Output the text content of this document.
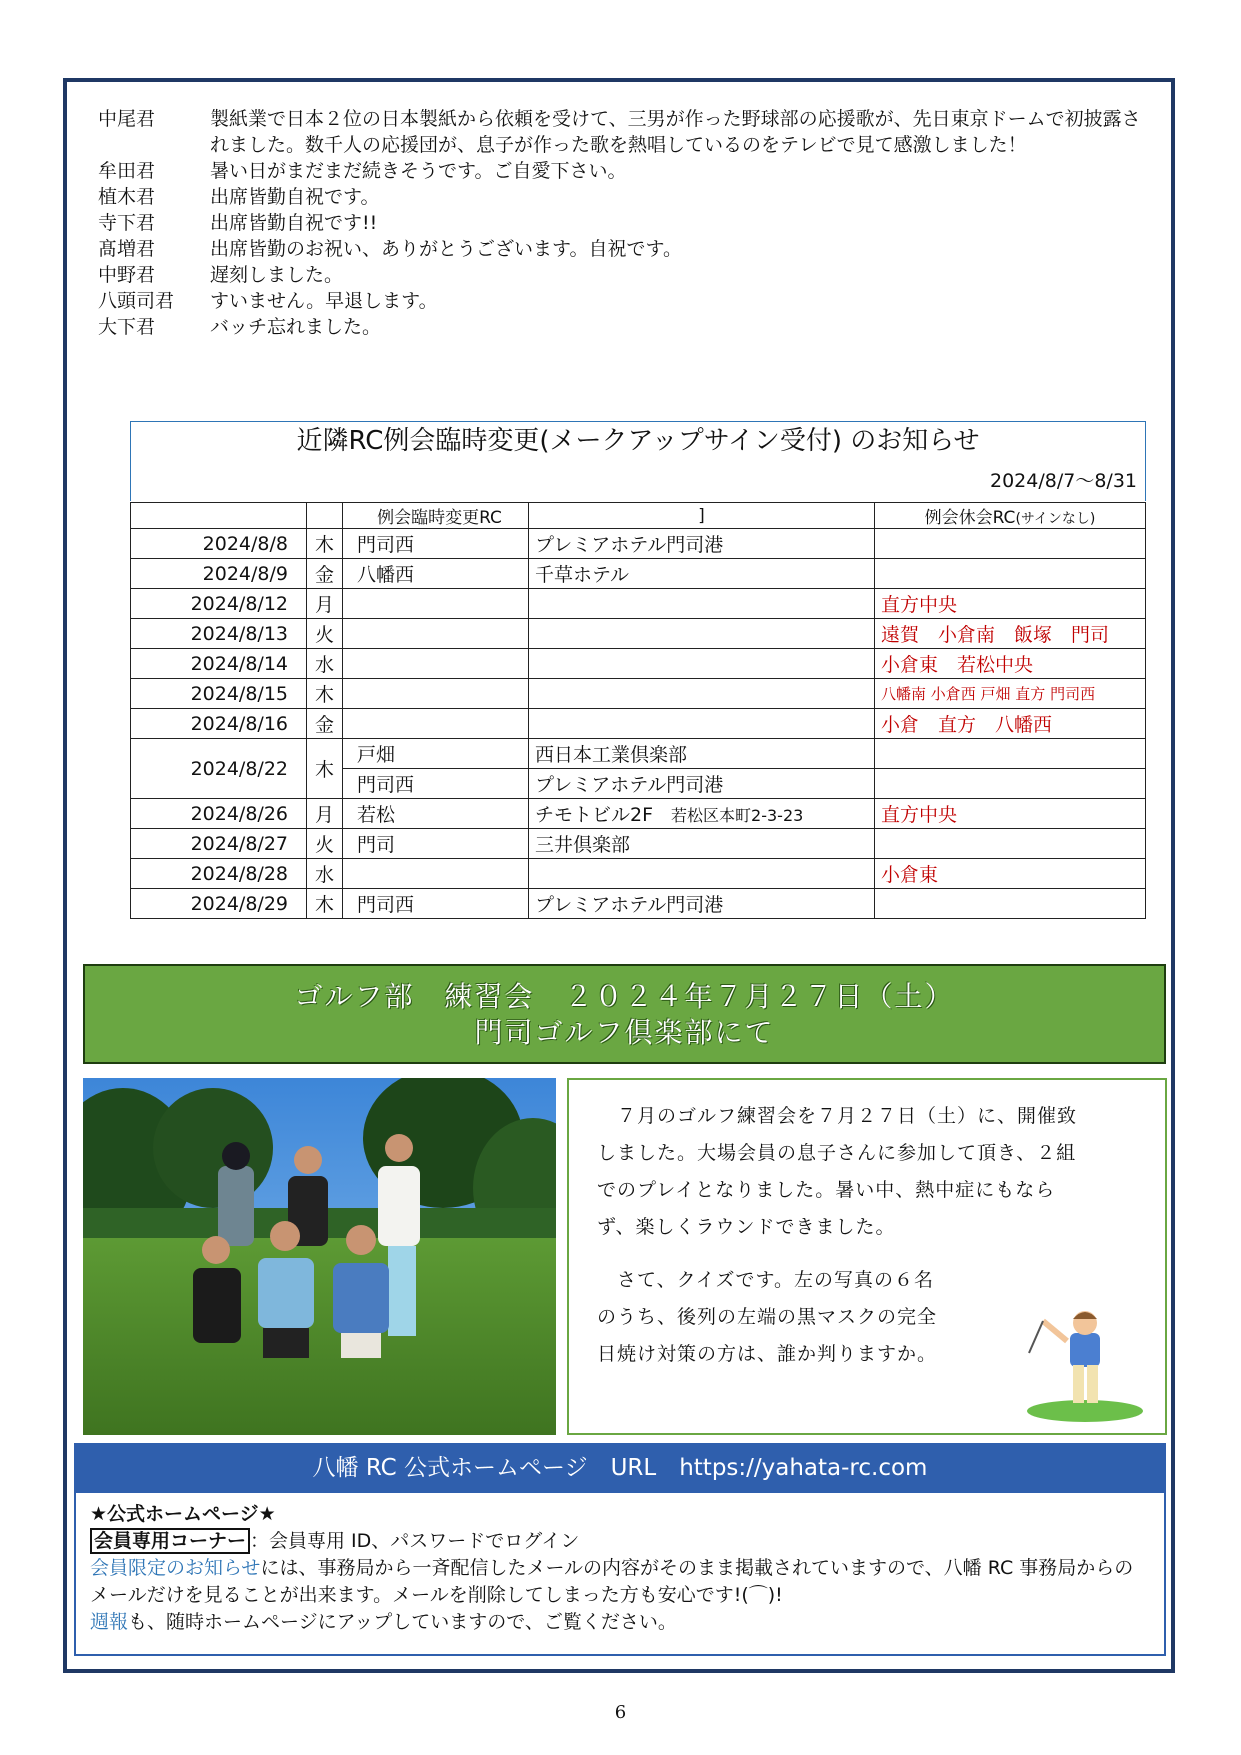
中尾君	製紙業で日本２位の日本製紙から依頼を受けて、三男が作った野球部の応援歌が、先日東京ドームで初披露されました。数千人の応援団が、息子が作った歌を熱唱しているのをテレビで見て感激しました！
牟田君	暑い日がまだまだ続きそうです。ご自愛下さい。
植木君	出席皆勤自祝です。
寺下君	出席皆勤自祝です!!
髙増君	出席皆勤のお祝い、ありがとうございます。自祝です。
中野君	遅刻しました。
八頭司君	すいません。早退します。
大下君	バッチ忘れました。
近隣RC例会臨時変更(メークアップサイン受付) のお知らせ
2024/8/7〜8/31
		例会臨時変更RC	]	例会休会RC(サインなし)
2024/8/8	木	門司西	プレミアホテル門司港	
2024/8/9	金	八幡西	千草ホテル	
2024/8/12	月			直方中央
2024/8/13	火			遠賀　小倉南　飯塚　門司
2024/8/14	水			小倉東　若松中央
2024/8/15	木			八幡南 小倉西 戸畑 直方 門司西
2024/8/16	金			小倉　直方　八幡西
2024/8/22	木	戸畑	西日本工業倶楽部	
		門司西	プレミアホテル門司港	
2024/8/26	月	若松	チモトビル2F 若松区本町2-3-23	直方中央
2024/8/27	火	門司	三井倶楽部	
2024/8/28	水			小倉東
2024/8/29	木	門司西	プレミアホテル門司港	
ゴルフ部　練習会　２０２４年７月２７日（土）
門司ゴルフ倶楽部にて
　７月のゴルフ練習会を７月２７日（土）に、開催致
しました。大場会員の息子さんに参加して頂き、２組
でのプレイとなりました。暑い中、熱中症にもなら
ず、楽しくラウンドできました。
　さて、クイズです。左の写真の６名
のうち、後列の左端の黒マスクの完全
日焼け対策の方は、誰か判りますか。
八幡 RC 公式ホームページ　URL　https://yahata-rc.com
★公式ホームページ★
会員専用コーナー ：会員専用 ID、パスワードでログイン
会員限定のお知らせには、事務局から一斉配信したメールの内容がそのまま掲載されていますので、八幡 RC 事務局からのメールだけを見ることが出来ます。メールを削除してしまった方も安心です!(⌒)!
週報も、随時ホームページにアップしていますので、ご覧ください。
6
